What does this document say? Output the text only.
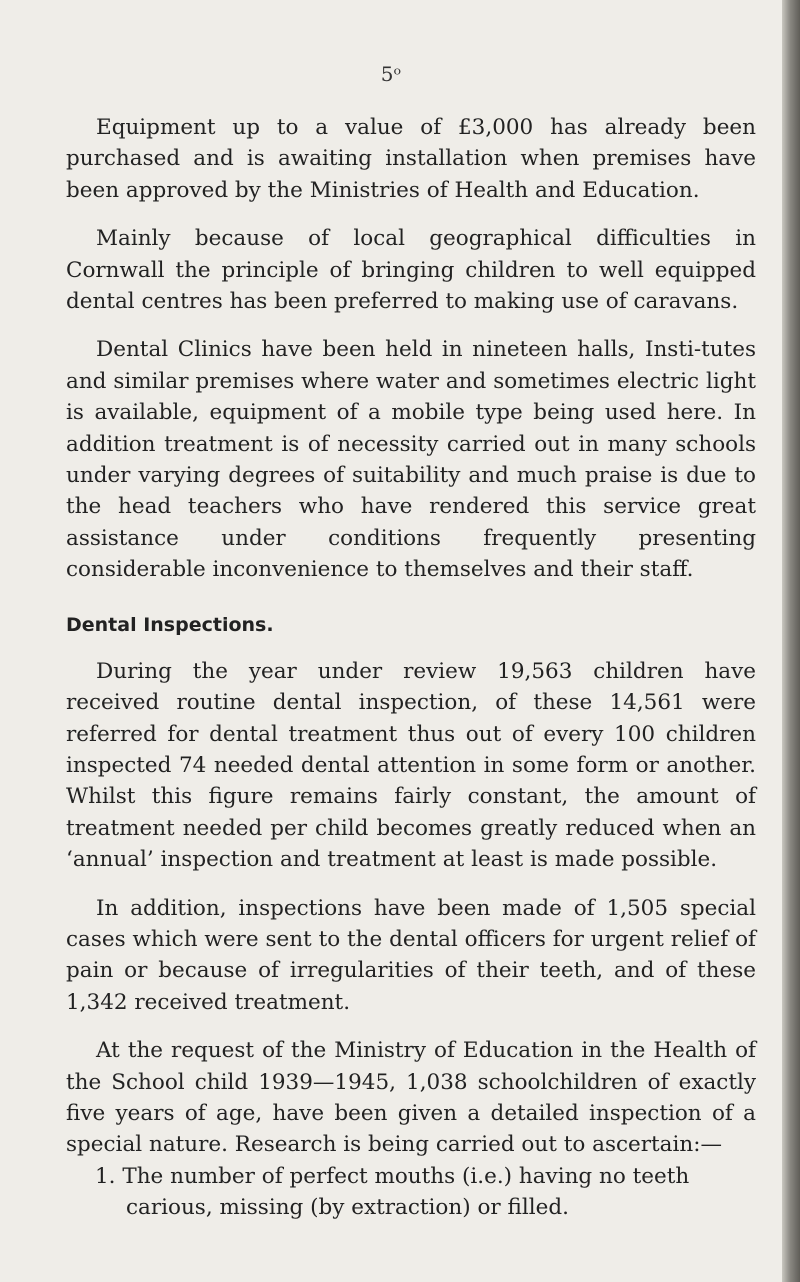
5ᵒ

Equipment up to a value of £3,000 has already been purchased and is awaiting installation when premises have been approved by the Ministries of Health and Education.

Mainly because of local geographical difficulties in Cornwall the principle of bringing children to well equipped dental centres has been preferred to making use of caravans.

Dental Clinics have been held in nineteen halls, Insti-tutes and similar premises where water and sometimes electric light is available, equipment of a mobile type being used here. In addition treatment is of necessity carried out in many schools under varying degrees of suitability and much praise is due to the head teachers who have rendered this service great assistance under conditions frequently presenting considerable inconvenience to themselves and their staff.

Dental Inspections.

During the year under review 19,563 children have received routine dental inspection, of these 14,561 were referred for dental treatment thus out of every 100 children inspected 74 needed dental attention in some form or another. Whilst this figure remains fairly constant, the amount of treatment needed per child becomes greatly reduced when an ‘annual’ inspection and treatment at least is made possible.

In addition, inspections have been made of 1,505 special cases which were sent to the dental officers for urgent relief of pain or because of irregularities of their teeth, and of these 1,342 received treatment.

At the request of the Ministry of Education in the Health of the School child 1939—1945, 1,038 schoolchildren of exactly five years of age, have been given a detailed inspection of a special nature. Research is being carried out to ascertain:—

1. The number of perfect mouths (i.e.) having no teeth carious, missing (by extraction) or filled.
